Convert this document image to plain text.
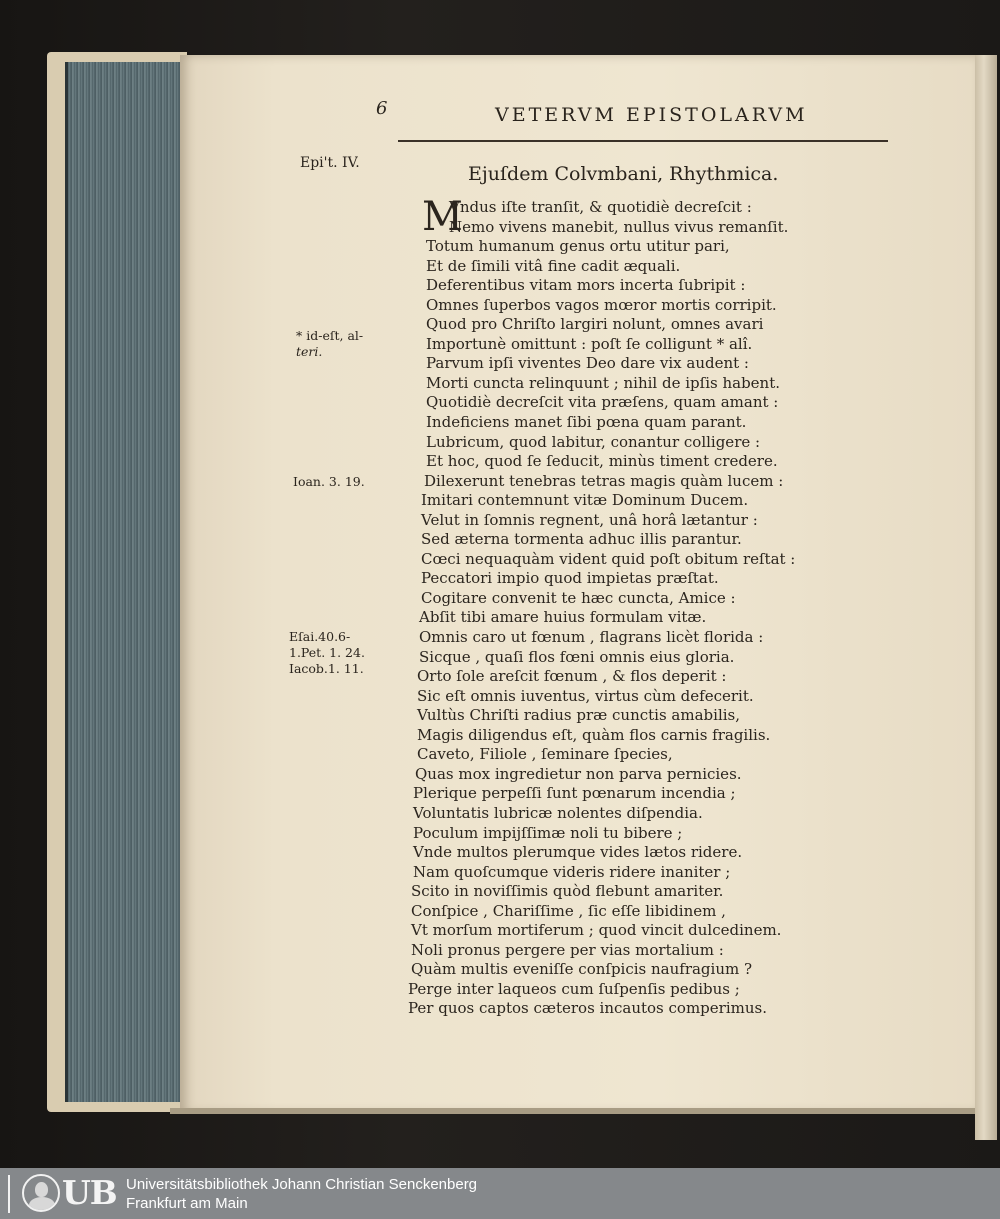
6	VETERVM EPISTOLARVM
Epi't. IV.	Ejuſdem Colvmbani, Rhythmica.
* id-eſt, al-
teri.
Ioan. 3. 19.
Eſai.40.6-
1.Pet. 1. 24.
Iacob.1. 11.
M
Vndus iſte tranſit, & quotidiè decreſcit :
Nemo vivens manebit, nullus vivus remanſit.
Totum humanum genus ortu utitur pari,
Et de ſimili vitâ fine cadit æquali.
Deferentibus vitam mors incerta ſubripit :
Omnes ſuperbos vagos mœror mortis corripit.
Quod pro Chriſto largiri nolunt, omnes avari
Importunè omittunt : poſt ſe colligunt * alî.
Parvum ipſi viventes Deo dare vix audent :
Morti cuncta relinquunt ; nihil de ipſis habent.
Quotidiè decreſcit vita præſens, quam amant :
Indeficiens manet ſibi pœna quam parant.
Lubricum, quod labitur, conantur colligere :
Et hoc, quod ſe ſeducit, minùs timent credere.
Dilexerunt tenebras tetras magis quàm lucem :
Imitari contemnunt vitæ Dominum Ducem.
Velut in ſomnis regnent, unâ horâ lætantur :
Sed æterna tormenta adhuc illis parantur.
Cœci nequaquàm vident quid poſt obitum reſtat :
Peccatori impio quod impietas præſtat.
Cogitare convenit te hæc cuncta, Amice :
Abſit tibi amare huius formulam vitæ.
Omnis caro ut fœnum , flagrans licèt florida :
Sicque , quaſi flos fœni omnis eius gloria.
Orto ſole areſcit fœnum , & flos deperit :
Sic eſt omnis iuventus, virtus cùm defecerit.
Vultùs Chriſti radius præ cunctis amabilis,
Magis diligendus eſt, quàm flos carnis fragilis.
Caveto, Filiole , ſeminare ſpecies,
Quas mox ingredietur non parva pernicies.
Plerique perpeſſi ſunt pœnarum incendia ;
Voluntatis lubricæ nolentes diſpendia.
Poculum impijſſimæ noli tu bibere ;
Vnde multos plerumque vides lætos ridere.
Nam quoſcumque videris ridere inaniter ;
Scito in noviſſimis quòd flebunt amariter.
Conſpice , Chariſſime , ſic eſſe libidinem ,
Vt morſum mortiferum ; quod vincit dulcedinem.
Noli pronus pergere per vias mortalium :
Quàm multis eveniſſe conſpicis naufragium ?
Perge inter laqueos cum ſuſpenſis pedibus ;
Per quos captos cæteros incautos comperimus.
UB Universitätsbibliothek Johann Christian Senckenberg
Frankfurt am Main
